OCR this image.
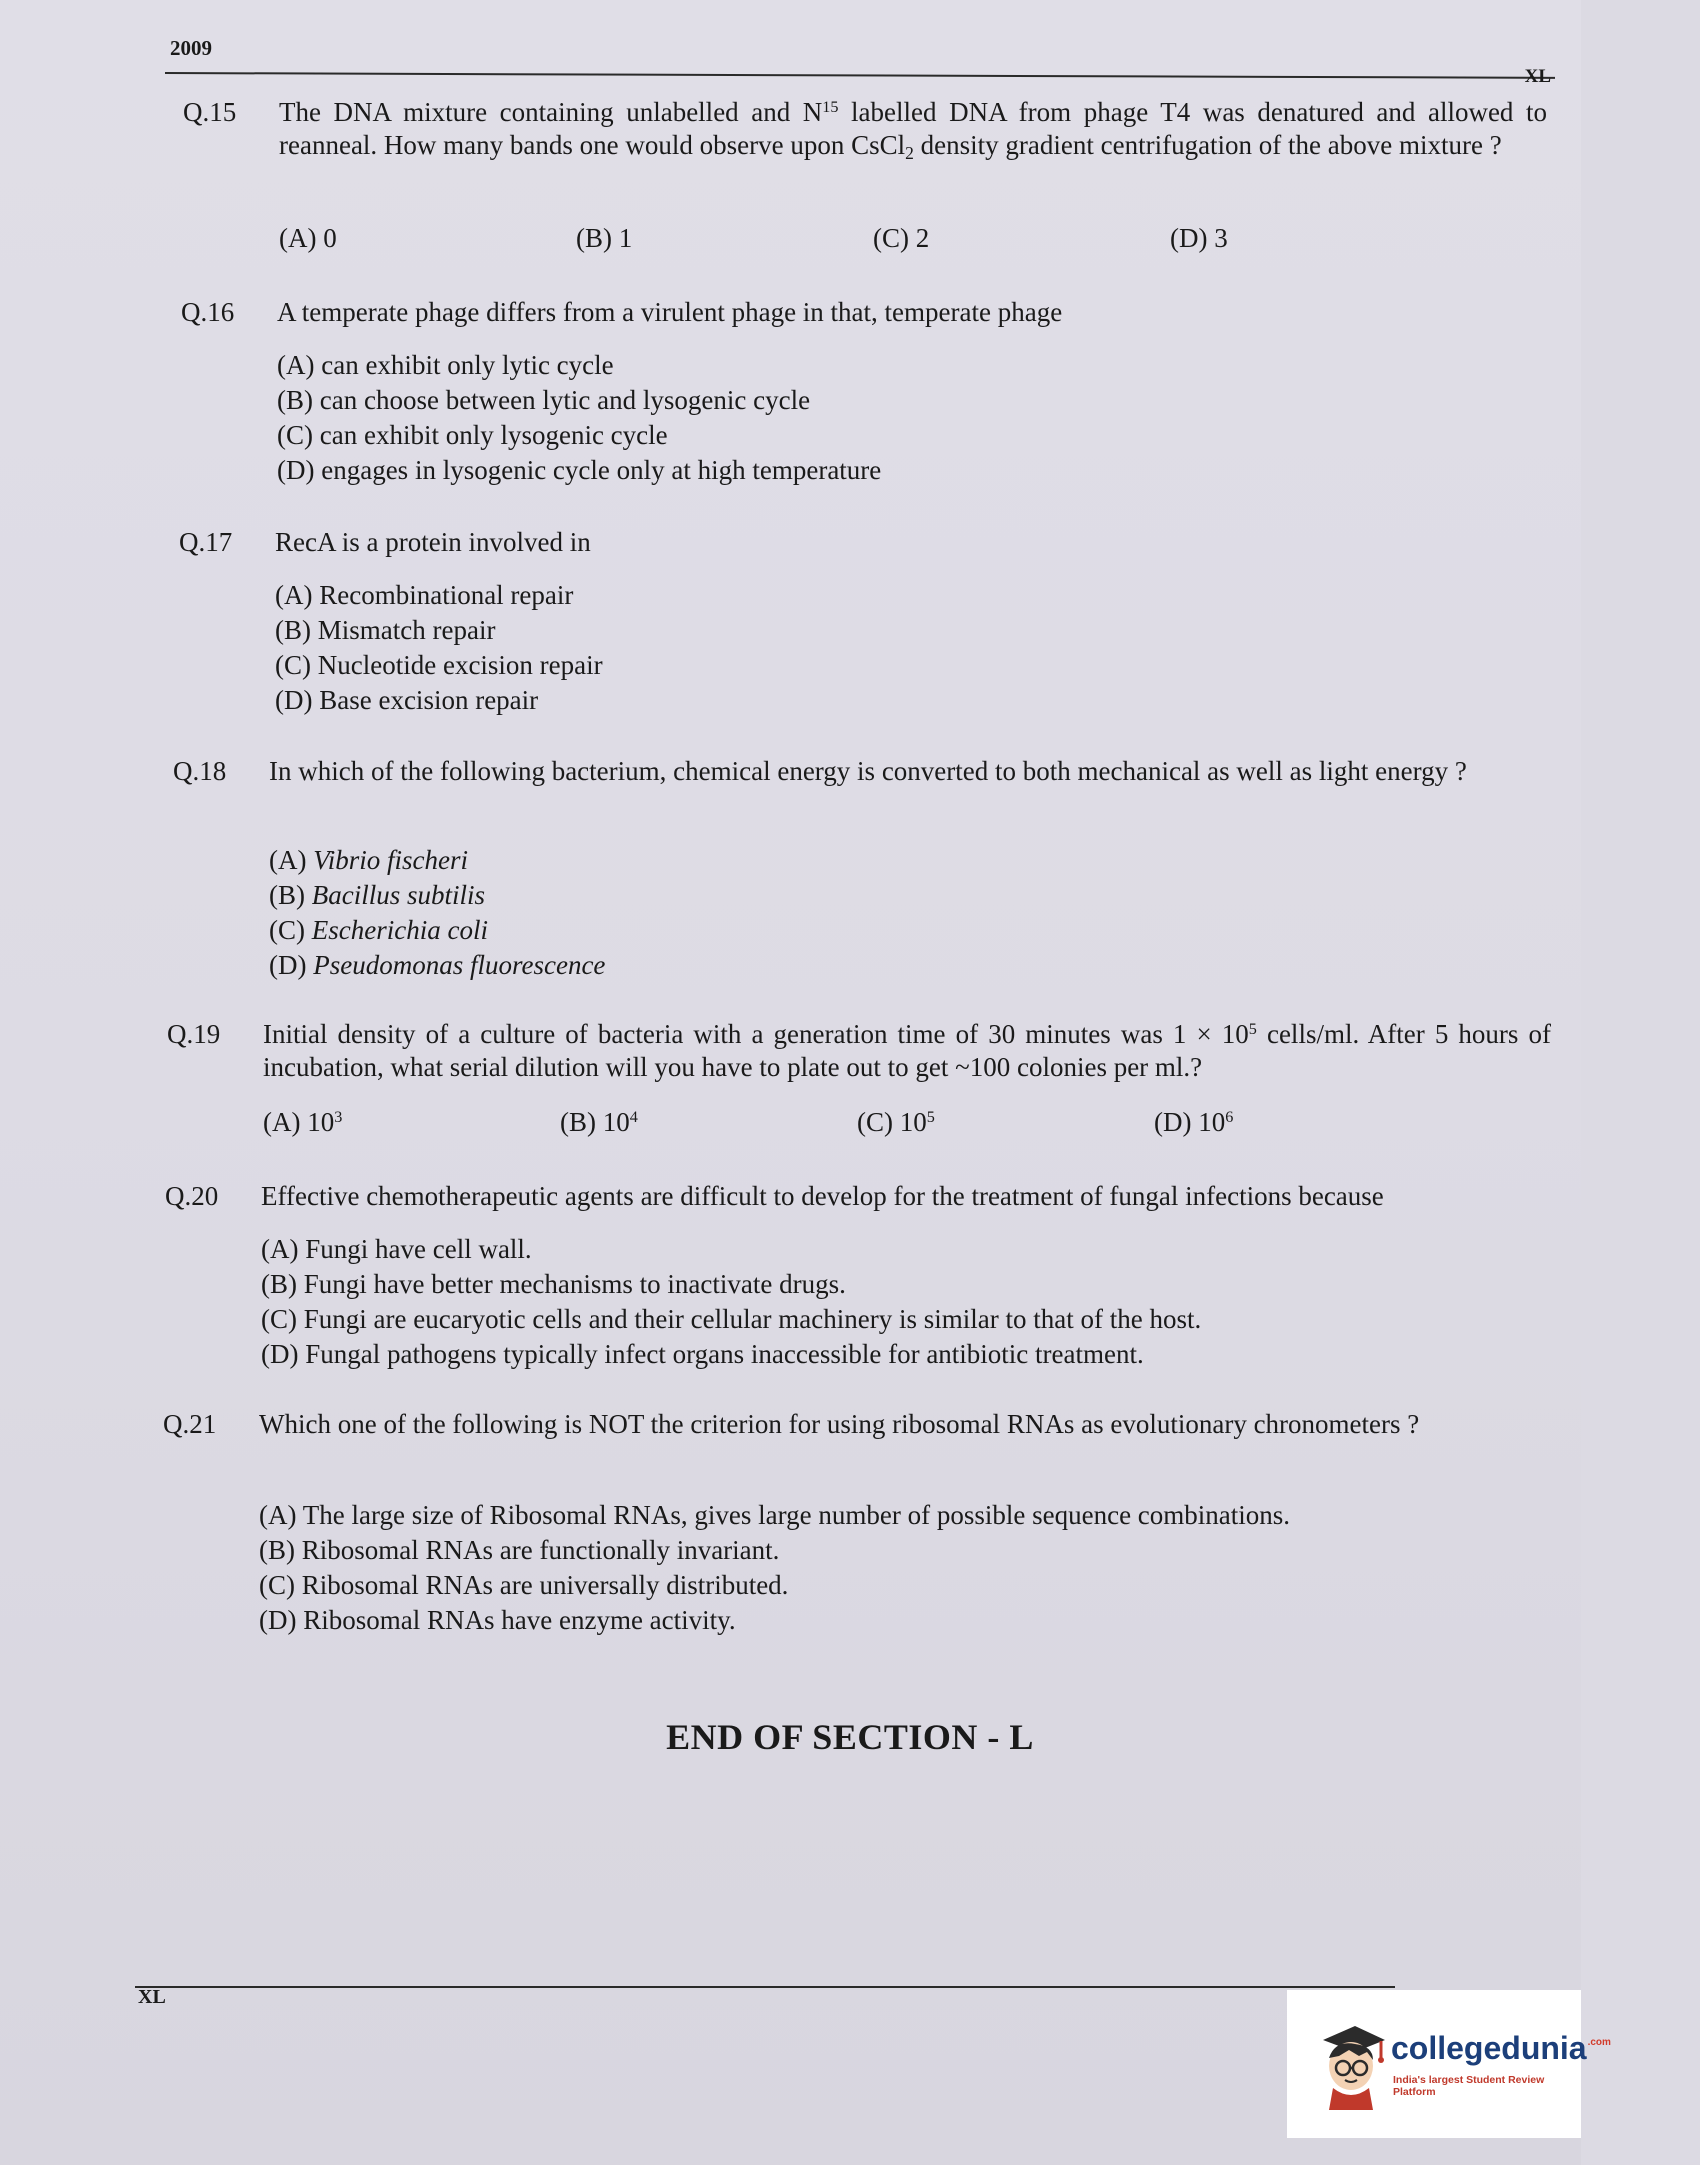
2009
XL
Q.15 The DNA mixture containing unlabelled and $N^{15}$ labelled DNA from phage T4 was denatured and allowed to reanneal. How many bands one would observe upon CsCl$_2$ density gradient centrifugation of the above mixture ?
(A) 0	(B) 1	(C) 2	(D) 3
Q.16 A temperate phage differs from a virulent phage in that, temperate phage
(A) can exhibit only lytic cycle
(B) can choose between lytic and lysogenic cycle
(C) can exhibit only lysogenic cycle
(D) engages in lysogenic cycle only at high temperature
Q.17 RecA is a protein involved in
(A) Recombinational repair
(B) Mismatch repair
(C) Nucleotide excision repair
(D) Base excision repair
Q.18 In which of the following bacterium, chemical energy is converted to both mechanical as well as light energy ?
(A) Vibrio fischeri
(B) Bacillus subtilis
(C) Escherichia coli
(D) Pseudomonas fluorescence
Q.19 Initial density of a culture of bacteria with a generation time of 30 minutes was $1 \times 10^5$ cells/ml. After 5 hours of incubation, what serial dilution will you have to plate out to get ~100 colonies per ml.?
(A) $10^3$	(B) $10^4$	(C) $10^5$	(D) $10^6$
Q.20 Effective chemotherapeutic agents are difficult to develop for the treatment of fungal infections because
(A) Fungi have cell wall.
(B) Fungi have better mechanisms to inactivate drugs.
(C) Fungi are eucaryotic cells and their cellular machinery is similar to that of the host.
(D) Fungal pathogens typically infect organs inaccessible for antibiotic treatment.
Q.21 Which one of the following is NOT the criterion for using ribosomal RNAs as evolutionary chronometers ?
(A) The large size of Ribosomal RNAs, gives large number of possible sequence combinations.
(B) Ribosomal RNAs are functionally invariant.
(C) Ribosomal RNAs are universally distributed.
(D) Ribosomal RNAs have enzyme activity.
END OF SECTION - L
XL
collegedunia$^{.com}$
India's largest Student Review Platform
